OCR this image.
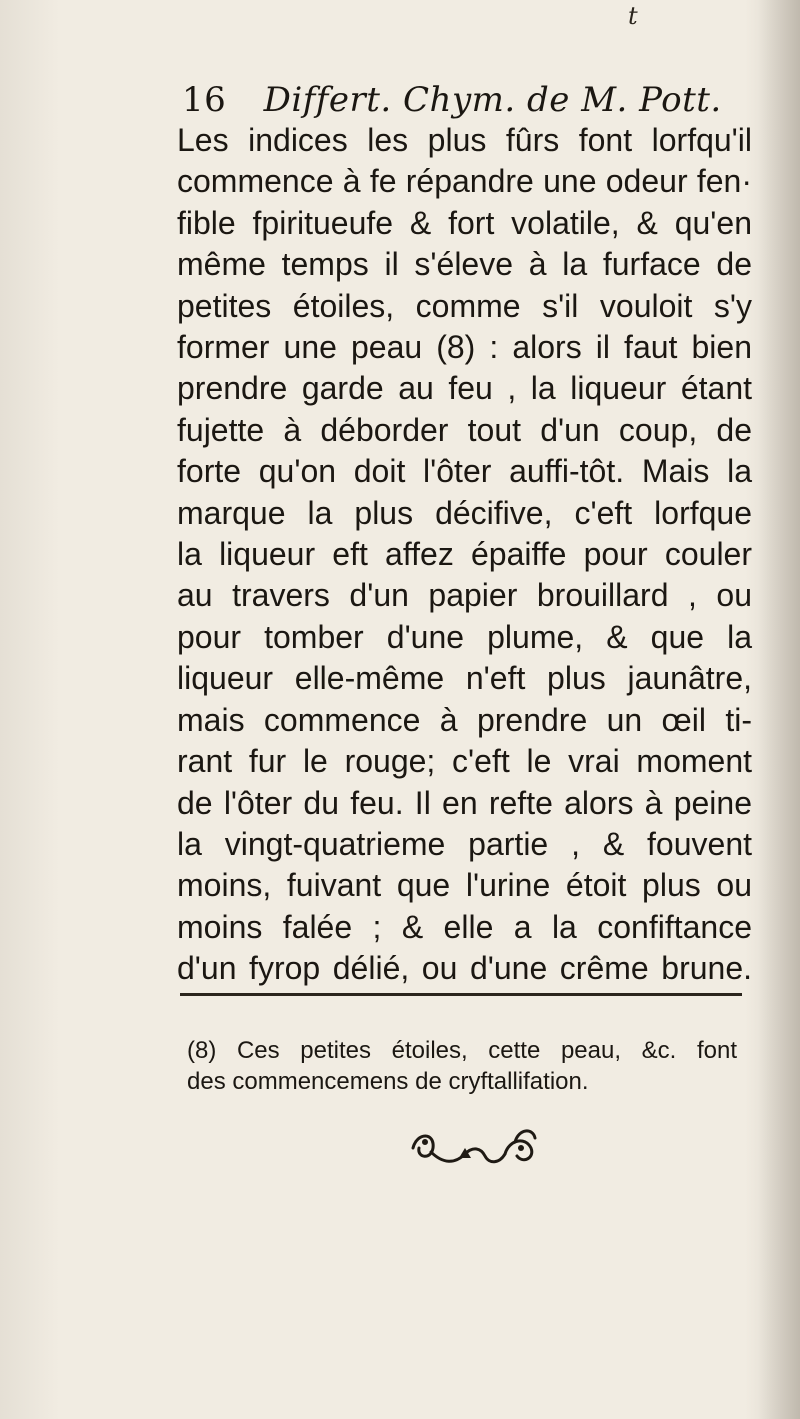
t
16 Differt. Chym. de M. Pott.
Les indices les plus fûrs font lorfqu'il
commence à fe répandre une odeur fen·
fible fpiritueufe & fort volatile, & qu'en
même temps il s'éleve à la furface de
petites étoiles, comme s'il vouloit s'y
former une peau (8) : alors il faut bien
prendre garde au feu , la liqueur étant
fujette à déborder tout d'un coup, de
forte qu'on doit l'ôter auffi-tôt. Mais la
marque la plus décifive, c'eft lorfque
la liqueur eft affez épaiffe pour couler
au travers d'un papier brouillard , ou
pour tomber d'une plume, & que la
liqueur elle-même n'eft plus jaunâtre,
mais commence à prendre un œil ti-
rant fur le rouge; c'eft le vrai moment
de l'ôter du feu. Il en refte alors à peine
la vingt-quatrieme partie , & fouvent
moins, fuivant que l'urine étoit plus ou
moins falée ; & elle a la confiftance
d'un fyrop délié, ou d'une crême brune.
(8) Ces petites étoiles, cette peau, &c. font
des commencemens de cryftallifation.
